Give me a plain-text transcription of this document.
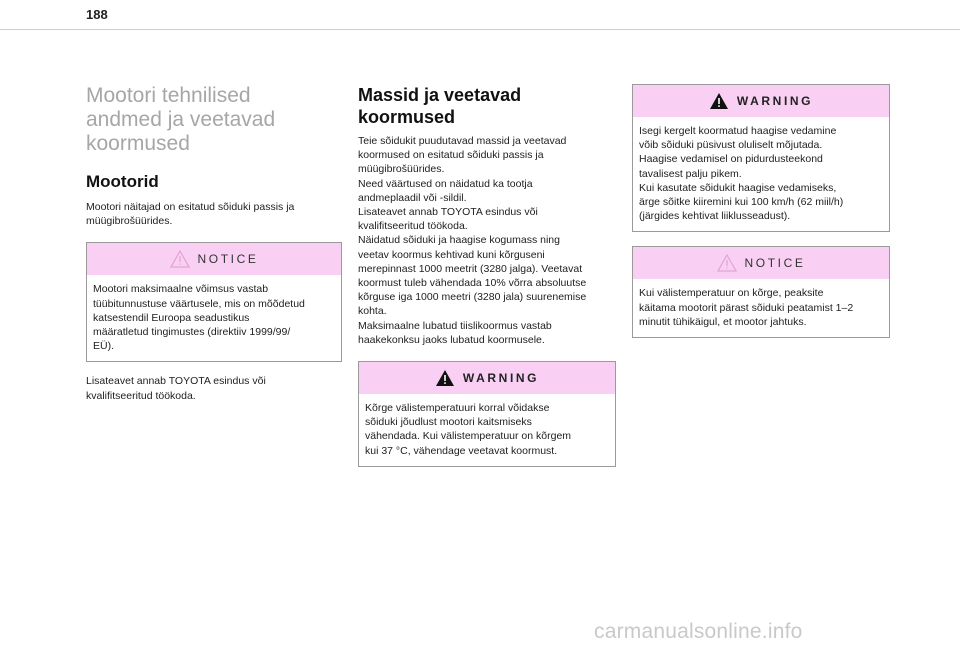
188
Mootori tehnilised
andmed ja veetavad
koormused
Mootorid

Mootori näitajad on esitatud sõiduki passis ja
müügibrošüürides.

NOTICE

Mootori maksimaalne võimsus vastab
tüübitunnustuse väärtusele, mis on mõõdetud
katsestendil Euroopa seadustikus
määratletud tingimustes (direktiiv 1999/99/
EÜ).

Lisateavet annab TOYOTA esindus või
kvalifitseeritud töökoda.

Massid ja veetavad
koormused

Teie sõidukit puudutavad massid ja veetavad
koormused on esitatud sõiduki passis ja
müügibrošüürides.
Need väärtused on näidatud ka tootja
andmeplaadil või -sildil.
Lisateavet annab TOYOTA esindus või
kvalifitseeritud töökoda.
Näidatud sõiduki ja haagise kogumass ning
veetav koormus kehtivad kuni kõrguseni
merepinnast 1000 meetrit (3280 jalga). Veetavat
koormust tuleb vähendada 10% võrra absoluutse
kõrguse iga 1000 meetri (3280 jala) suurenemise
kohta.
Maksimaalne lubatud tiislikoormus vastab
haakekonksu jaoks lubatud koormusele.

WARNING

Kõrge välistemperatuuri korral võidakse
sõiduki jõudlust mootori kaitsmiseks
vähendada. Kui välistemperatuur on kõrgem
kui 37 °C, vähendage veetavat koormust.

WARNING

Isegi kergelt koormatud haagise vedamine
võib sõiduki püsivust oluliselt mõjutada.
Haagise vedamisel on pidurdusteekond
tavalisest palju pikem.
Kui kasutate sõidukit haagise vedamiseks,
ärge sõitke kiiremini kui 100 km/h (62 miil/h)
(järgides kehtivat liiklusseadust).

NOTICE

Kui välistemperatuur on kõrge, peaksite
käitama mootorit pärast sõiduki peatamist 1–2
minutit tühikäigul, et mootor jahtuks.

carmanualsonline.info
